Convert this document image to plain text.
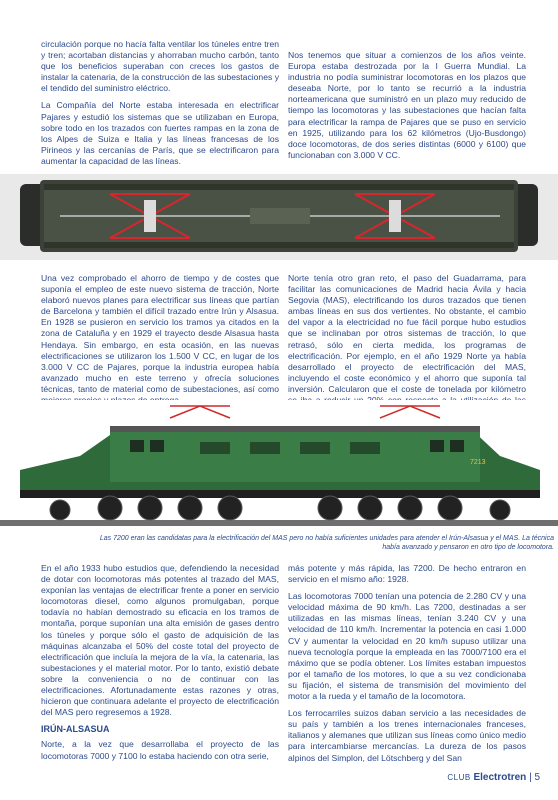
circulación porque no hacía falta ventilar los túneles entre tren y tren; acortaban distancias y ahorraban mucho carbón, tanto que los beneficios superaban con creces los gastos de instalar la catenaria, de la construcción de las subestaciones y el tendido del suministro eléctrico.

La Compañía del Norte estaba interesada en electrificar Pajares y estudió los sistemas que se utilizaban en Europa, sobre todo en los trazados con fuertes rampas en la zona de los Alpes de Suiza e Italia y las líneas francesas de los Pirineos y las cercanías de París, que se electrificaron para aumentar la capacidad de las líneas.

Nos tenemos que situar a comienzos de los años veinte. Europa estaba destrozada por la I Guerra Mundial. La industria no podía suministrar locomotoras en los plazos que deseaba Norte, por lo tanto se recurrió a la industria norteamericana que suministró en un plazo muy reducido de tiempo las locomotoras y las subestaciones que hacían falta para electrificar la rampa de Pajares que se puso en servicio en 1925, utilizando para los 62 kilómetros (Ujo-Busdongo) doce locomotoras, de dos series distintas (6000 y 6100) que funcionaban con 3.000 V CC.

Una vez comprobado el ahorro de tiempo y de costes que suponía el empleo de este nuevo sistema de tracción, Norte elaboró nuevos planes para electrificar sus líneas que partían de Barcelona y también el difícil trazado entre Irún y Alsasua. En 1928 se pusieron en servicio los tramos ya citados en la zona de Cataluña y en 1929 el trayecto desde Alsasua hasta Hendaya. Sin embargo, en esta ocasión, en las nuevas electrificaciones se utilizaron los 1.500 V CC, en lugar de los 3.000 V CC de Pajares, porque la industria europea había avanzado mucho en este terreno y ofrecía soluciones técnicas, tanto de material como de subestaciones, así como

Norte tenía otro gran reto, el paso del Guadarrama, para facilitar las comunicaciones de Madrid hacia Ávila y hacia Segovia (MAS), electrificando los duros trazados que tienen ambas líneas en sus dos vertientes. No obstante, el cambio del vapor a la electricidad no fue fácil porque hubo estudios que se inclinaban por otros sistemas de tracción, lo que retrasó, sólo en cierta medida, los programas de electrificación. Por ejemplo, en el año 1929 Norte ya había desarrollado el proyecto de electrificación del MAS, incluyendo el coste económico y el ahorro que suponía tal inversión. Calcularon que el coste de tonelada por kilómetro

7213
Las 7200 eran las candidatas para la electrificación del MAS pero no había suficientes unidades para atender el Irún-Alsasua y el MAS. La técnica había avanzado y pensaron en otro tipo de locomotora.

En el año 1933 hubo estudios que, defendiendo la necesidad de dotar con locomotoras más potentes al trazado del MAS, exponían las ventajas de electrificar frente a poner en servicio locomotoras diesel, como algunos promulgaban, porque todavía no habían demostrado su eficacia en los tramos de montaña, porque suponían una alta emisión de gases dentro los túneles y porque sólo el gasto de adquisición de las máquinas alcanzaba el 50% del coste total del proyecto de electrificación que incluía la mejora de la vía, la catenaria, las subestaciones y el material motor. Por lo tanto, existió debate sobre la conveniencia o no de continuar con las electrificaciones. Afortunadamente estas razones y otras, hicieron que continuara adelante el proyecto de electrificación del MAS pero regresemos a 1928.

IRÚN-ALSASUA

Norte, a la vez que desarrollaba el proyecto de las locomotoras 7000 y 7100 lo estaba haciendo con otra serie,

más potente y más rápida, las 7200. De hecho entraron en servicio en el mismo año: 1928.

Las locomotoras 7000 tenían una potencia de 2.280 CV y una velocidad máxima de 90 km/h. Las 7200, destinadas a ser utilizadas en las mismas líneas, tenían 3.240 CV y una velocidad de 110 km/h. Incrementar la potencia en casi 1.000 CV y aumentar la velocidad en 20 km/h supuso utilizar una nueva tecnología porque la empleada en las 7000/7100 era el máximo que se podía obtener. Los límites estaban impuestos por el tamaño de los motores, lo que a su vez condicionaba su fijación, el sistema de transmisión del movimiento del motor a la rueda y el tamaño de la locomotora.

Los ferrocarriles suizos daban servicio a las necesidades de su país y también a los trenes internacionales franceses, italianos y alemanes que utilizan sus líneas como único medio para intercambiarse mercancías. La dureza de los pasos alpinos del Simplon, del Lötschberg y del San

CLUB Electrotren | 5
